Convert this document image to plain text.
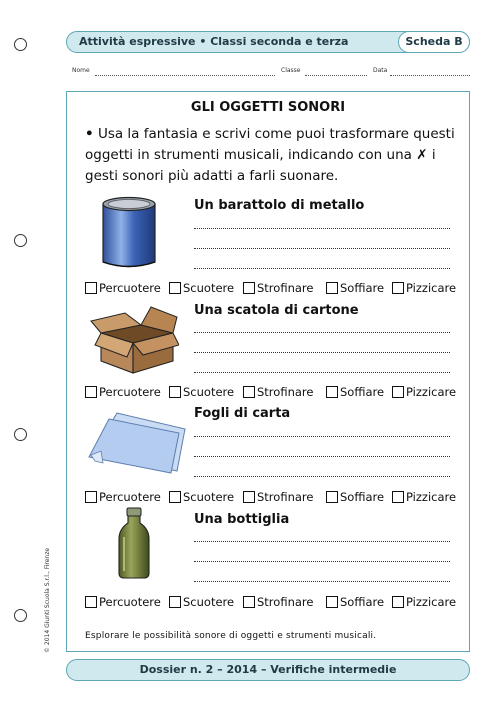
Attività espressive • Classi seconda e terza	Scheda B
Nome	Classe	Data
GLI OGGETTI SONORI
• Usa la fantasia e scrivi come puoi trasformare questi oggetti in strumenti musicali, indicando con una ✗ i gesti sonori più adatti a farli suonare.
Un barattolo di metallo
Percuotere Scuotere Strofinare Soffiare Pizzicare
Una scatola di cartone
Percuotere Scuotere Strofinare Soffiare Pizzicare
Fogli di carta
Percuotere Scuotere Strofinare Soffiare Pizzicare
Una bottiglia
Percuotere Scuotere Strofinare Soffiare Pizzicare
Esplorare le possibilità sonore di oggetti e strumenti musicali.
© 2014 Giunti Scuola S.r.l., Firenze
Dossier n. 2 – 2014 – Verifiche intermedie
